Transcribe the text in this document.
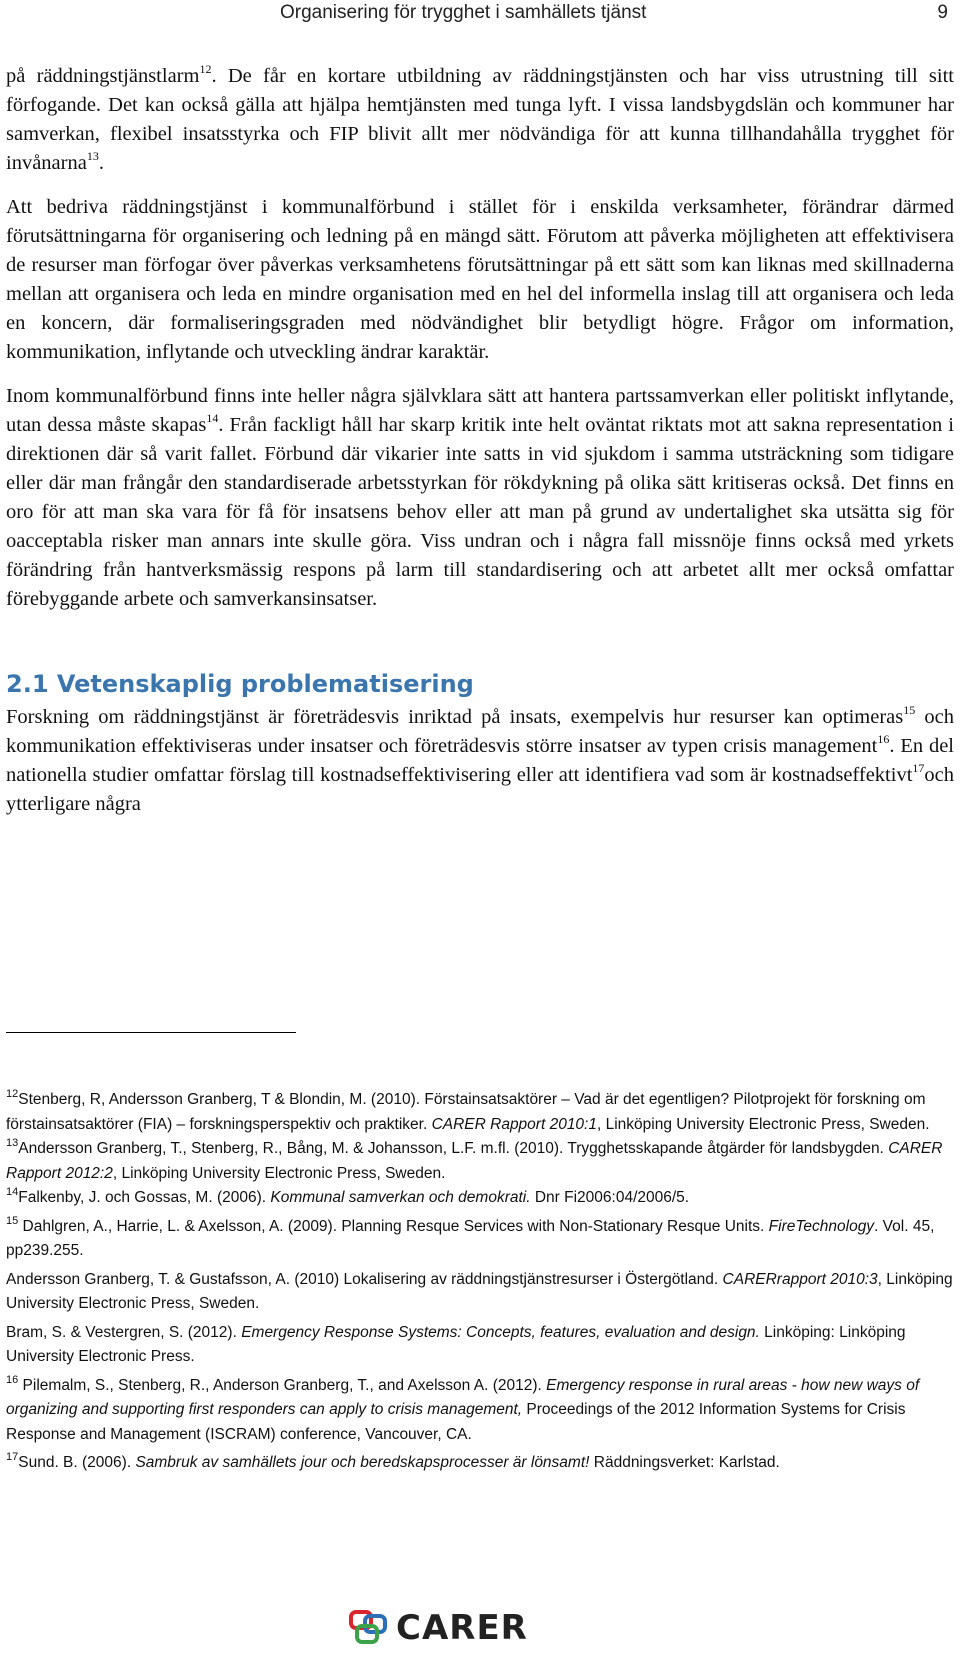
Organisering för trygghet i samhällets tjänst	9

på räddningstjänstlarm$^{12}$. De får en kortare utbildning av räddningstjänsten och har viss utrustning till sitt förfogande. Det kan också gälla att hjälpa hemtjänsten med tunga lyft. I vissa landsbygdslän och kommuner har samverkan, flexibel insatsstyrka och FIP blivit allt mer nödvändiga för att kunna tillhandahålla trygghet för invånarna$^{13}$.

Att bedriva räddningstjänst i kommunalförbund i stället för i enskilda verksamheter, förändrar därmed förutsättningarna för organisering och ledning på en mängd sätt. Förutom att påverka möjligheten att effektivisera de resurser man förfogar över påverkas verksamhetens förutsättningar på ett sätt som kan liknas med skillnaderna mellan att organisera och leda en mindre organisation med en hel del informella inslag till att organisera och leda en koncern, där formaliseringsgraden med nödvändighet blir betydligt högre. Frågor om information, kommunikation, inflytande och utveckling ändrar karaktär.

Inom kommunalförbund finns inte heller några självklara sätt att hantera partssamverkan eller politiskt inflytande, utan dessa måste skapas$^{14}$. Från fackligt håll har skarp kritik inte helt oväntat riktats mot att sakna representation i direktionen där så varit fallet. Förbund där vikarier inte satts in vid sjukdom i samma utsträckning som tidigare eller där man frångår den standardiserade arbetsstyrkan för rökdykning på olika sätt kritiseras också. Det finns en oro för att man ska vara för få för insatsens behov eller att man på grund av undertalighet ska utsätta sig för oacceptabla risker man annars inte skulle göra. Viss undran och i några fall missnöje finns också med yrkets förändring från hantverksmässig respons på larm till standardisering och att arbetet allt mer också omfattar förebyggande arbete och samverkansinsatser.

2.1 Vetenskaplig problematisering

Forskning om räddningstjänst är företrädesvis inriktad på insats, exempelvis hur resurser kan optimeras$^{15}$ och kommunikation effektiviseras under insatser och företrädesvis större insatser av typen crisis management$^{16}$. En del nationella studier omfattar förslag till kostnadseffektivisering eller att identifiera vad som är kostnadseffektivt$^{17}$och ytterligare några

$^{12}$Stenberg, R, Andersson Granberg, T & Blondin, M. (2010). Förstainsatsaktörer – Vad är det egentligen? Pilotprojekt för forskning om förstainsatsaktörer (FIA) – forskningsperspektiv och praktiker. CARER Rapport 2010:1, Linköping University Electronic Press, Sweden.

$^{13}$Andersson Granberg, T., Stenberg, R., Bång, M. & Johansson, L.F. m.fl. (2010). Trygghetsskapande åtgärder för landsbygden. CARER Rapport 2012:2, Linköping University Electronic Press, Sweden.

$^{14}$Falkenby, J. och Gossas, M. (2006). Kommunal samverkan och demokrati. Dnr Fi2006:04/2006/5.

$^{15}$ Dahlgren, A., Harrie, L. & Axelsson, A. (2009). Planning Resque Services with Non-Stationary Resque Units. FireTechnology. Vol. 45, pp239.255.

Andersson Granberg, T. & Gustafsson, A. (2010) Lokalisering av räddningstjänstresurser i Östergötland. CARERrapport 2010:3, Linköping University Electronic Press, Sweden.

Bram, S. & Vestergren, S. (2012). Emergency Response Systems: Concepts, features, evaluation and design. Linköping: Linköping University Electronic Press.

$^{16}$ Pilemalm, S., Stenberg, R., Anderson Granberg, T., and Axelsson A. (2012). Emergency response in rural areas - how new ways of organizing and supporting first responders can apply to crisis management, Proceedings of the 2012 Information Systems for Crisis Response and Management (ISCRAM) conference, Vancouver, CA.

$^{17}$Sund. B. (2006). Sambruk av samhällets jour och beredskapsprocesser är lönsamt! Räddningsverket: Karlstad.

CARER
